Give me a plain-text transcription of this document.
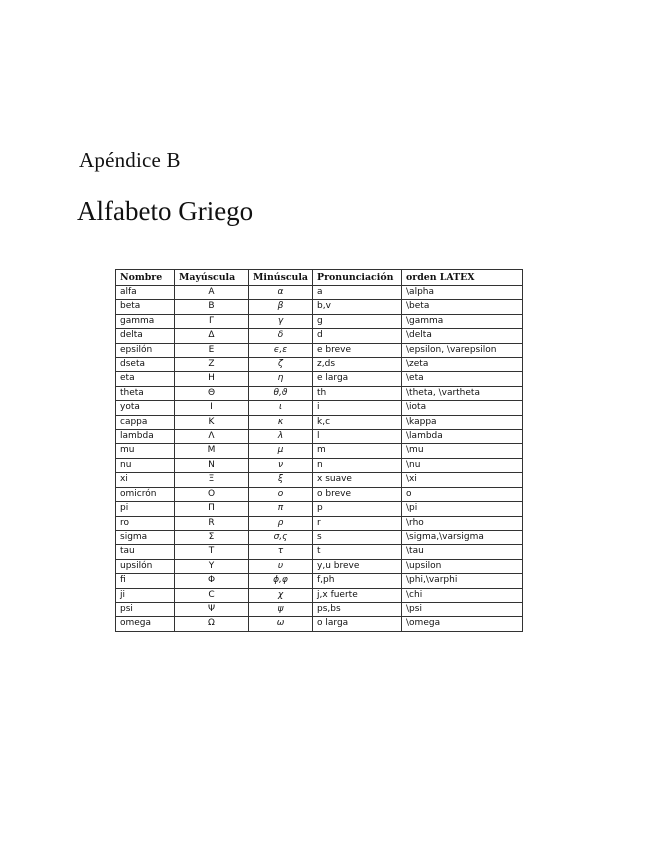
Apéndice B
Alfabeto Griego
Nombre	Mayúscula	Minúscula	Pronunciación	orden LATEX
alfa	A	α	a	\alpha
beta	B	β	b,v	\beta
gamma	Γ	γ	g	\gamma
delta	Δ	δ	d	\delta
epsilón	E	ϵ,ε	e breve	\epsilon, \varepsilon
dseta	Z	ζ	z,ds	\zeta
eta	H	η	e larga	\eta
theta	Θ	θ,ϑ	th	\theta, \vartheta
yota	I	ι	i	\iota
cappa	K	κ	k,c	\kappa
lambda	Λ	λ	l	\lambda
mu	M	μ	m	\mu
nu	N	ν	n	\nu
xi	Ξ	ξ	x suave	\xi
omicrón	O	o	o breve	o
pi	Π	π	p	\pi
ro	R	ρ	r	\rho
sigma	Σ	σ,ς	s	\sigma,\varsigma
tau	T	τ	t	\tau
upsilón	Υ	υ	y,u breve	\upsilon
fi	Φ	ϕ,φ	f,ph	\phi,\varphi
ji	C	χ	j,x fuerte	\chi
psi	Ψ	ψ	ps,bs	\psi
omega	Ω	ω	o larga	\omega
